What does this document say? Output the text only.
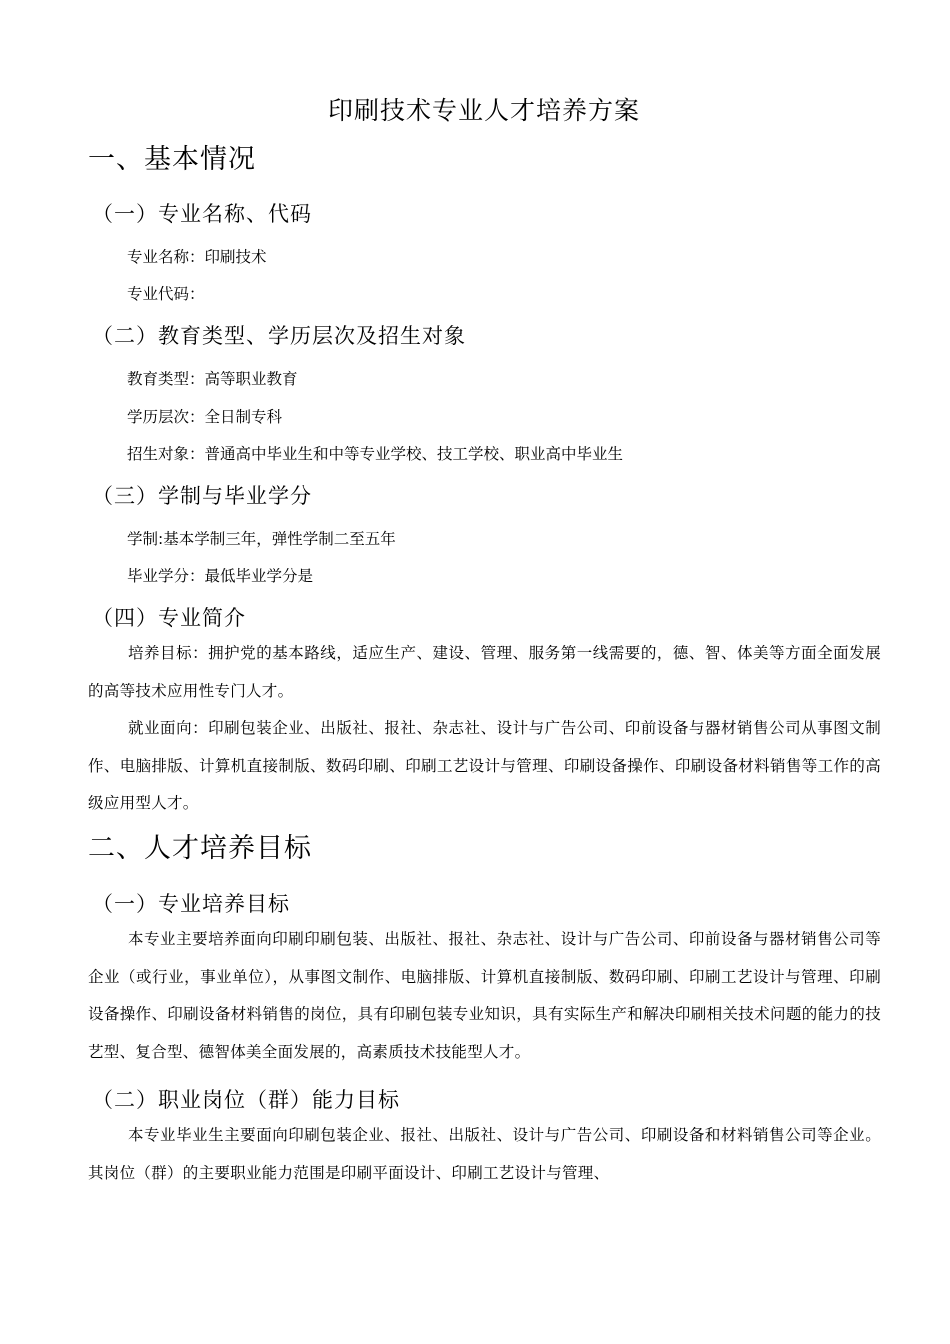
印刷技术专业人才培养方案
一、基本情况
（一）专业名称、代码
专业名称：印刷技术
专业代码：
（二）教育类型、学历层次及招生对象
教育类型：高等职业教育
学历层次：全日制专科
招生对象：普通高中毕业生和中等专业学校、技工学校、职业高中毕业生
（三）学制与毕业学分
学制:基本学制三年，弹性学制二至五年
毕业学分：最低毕业学分是
（四）专业简介
培养目标：拥护党的基本路线，适应生产、建设、管理、服务第一线需要的，德、智、体美等方面全面发展的高等技术应用性专门人才。
就业面向：印刷包装企业、出版社、报社、杂志社、设计与广告公司、印前设备与器材销售公司从事图文制作、电脑排版、计算机直接制版、数码印刷、印刷工艺设计与管理、印刷设备操作、印刷设备材料销售等工作的高级应用型人才。
二、人才培养目标
（一）专业培养目标
本专业主要培养面向印刷印刷包装、出版社、报社、杂志社、设计与广告公司、印前设备与器材销售公司等企业（或行业，事业单位），从事图文制作、电脑排版、计算机直接制版、数码印刷、印刷工艺设计与管理、印刷设备操作、印刷设备材料销售的岗位，具有印刷包装专业知识，具有实际生产和解决印刷相关技术问题的能力的技艺型、复合型、德智体美全面发展的，高素质技术技能型人才。
（二）职业岗位（群）能力目标
本专业毕业生主要面向印刷包装企业、报社、出版社、设计与广告公司、印刷设备和材料销售公司等企业。其岗位（群）的主要职业能力范围是印刷平面设计、印刷工艺设计与管理、
